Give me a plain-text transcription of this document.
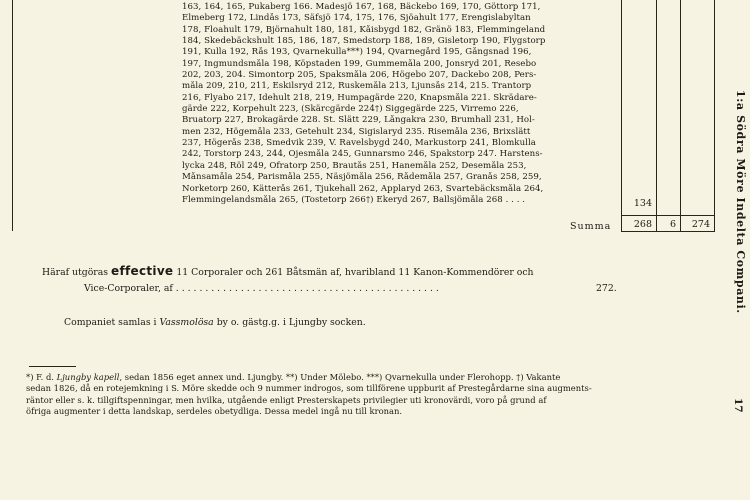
163, 164, 165, Pukaberg 166. Madesjö 167, 168, Bäckebo 169, 170, Göttorp 171,
Elmeberg 172, Lindås 173, Säfsjö 174, 175, 176, Sjöahult 177, Erengislabyltan
178, Floahult 179, Björnahult 180, 181, Kåisbygd 182, Gränö 183, Flemmingeland
184, Skedebäckshult 185, 186, 187, Smedstorp 188, 189, Gisletorp 190, Flygstorp
191, Kulla 192, Rås 193, Qvarnekulla***) 194, Qvarnegård 195, Gångsnad 196,
197, Ingmundsmåla 198, Köpstaden 199, Gummemåla 200, Jonsryd 201, Resebo
202, 203, 204. Simontorp 205, Spaksmåla 206, Högebo 207, Dackebo 208, Pers-
måla 209, 210, 211, Eskilsryd 212, Ruskemåla 213, Ljunsås 214, 215. Trantorp
216, Flyabo 217, Idehult 218, 219, Humpagärde 220, Knapsmåla 221. Skrädare-
gärde 222, Korpehult 223, (Skärcgärde 224†) Siggegärde 225, Virremo 226,
Bruatorp 227, Brokagärde 228. St. Slätt 229, Långakra 230, Brumhall 231, Hol-
men 232, Högemåla 233, Getehult 234, Sigislaryd 235. Risemåla 236, Brixslätt
237, Högerås 238, Smedvik 239, V. Ravelsbygd 240, Markustorp 241, Blomkulla
242, Torstorp 243, 244, Öjesmåla 245, Gunnarsmo 246, Spakstorp 247. Harstens-
lycka 248, Röl 249, Öfratorp 250, Brautås 251, Hanemåla 252, Desemåla 253,
Månsamåla 254, Parismåla 255, Näsjömåla 256, Rådemåla 257, Granås 258, 259,
Norketorp 260, Kätterås 261, Tjukehall 262, Applaryd 263, Svartebäcksmåla 264,
Flemmingelandsmåla 265, (Tostetorp 266†) Ekeryd 267, Ballsjömåla 268 . . . .	134
Summa	268	6	274
Häraf utgöras effective 11 Corporaler och 261 Båtsmän af, hvaribland 11 Kanon-Kommendörer och
Vice-Corporaler, af . . . . . . . . . . . . . . . . . . . . . . . . . . . . . . . . . . . . . . . . . . . . .	272.
Companiet samlas i Vassmolösa by o. gästg.g. i Ljungby socken.
*) F. d. Ljungby kapell, sedan 1856 eget annex und. Ljungby. **) Under Mölebo. ***) Qvarnekulla under Flerohopp. †) Vakante
sedan 1826, då en rotejemkning i S. Möre skedde och 9 nummer indrogos, som tillförene uppburit af Prestegårdarne sina augments-
räntor eller s. k. tillgiftspenningar, men hvilka, utgående enligt Presterskapets privilegier uti kronovärdi, voro på grund af
öfriga augmenter i detta landskap, serdeles obetydliga. Dessa medel ingå nu till kronan.
1:a Södra Möre Indelta Compani.
17
